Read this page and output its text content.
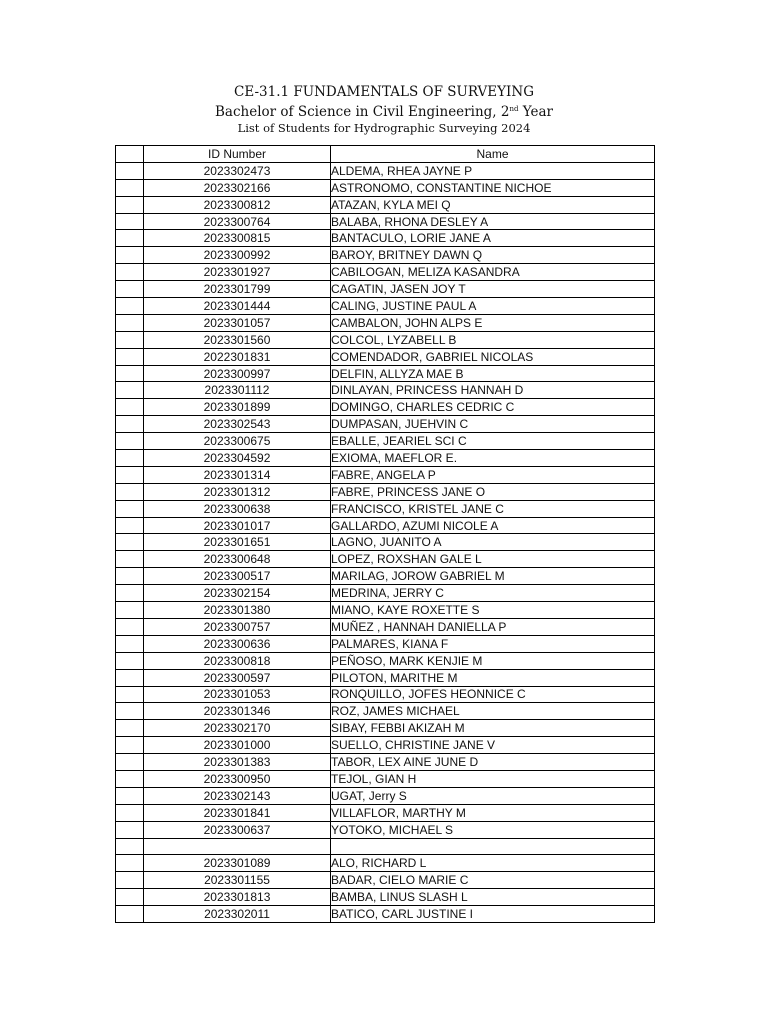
CE-31.1 FUNDAMENTALS OF SURVEYING
Bachelor of Science in Civil Engineering, 2nd Year
List of Students for Hydrographic Surveying 2024
	ID Number	Name
	2023302473	ALDEMA, RHEA JAYNE P
	2023302166	ASTRONOMO, CONSTANTINE NICHOE
	2023300812	ATAZAN, KYLA MEI Q
	2023300764	BALABA, RHONA DESLEY A
	2023300815	BANTACULO, LORIE JANE A
	2023300992	BAROY, BRITNEY DAWN Q
	2023301927	CABILOGAN, MELIZA KASANDRA
	2023301799	CAGATIN, JASEN JOY T
	2023301444	CALING, JUSTINE PAUL A
	2023301057	CAMBALON, JOHN ALPS E
	2023301560	COLCOL, LYZABELL B
	2022301831	COMENDADOR, GABRIEL NICOLAS
	2023300997	DELFIN, ALLYZA MAE B
	2023301112	DINLAYAN, PRINCESS HANNAH D
	2023301899	DOMINGO, CHARLES CEDRIC C
	2023302543	DUMPASAN, JUEHVIN C
	2023300675	EBALLE, JEARIEL SCI C
	2023304592	EXIOMA, MAEFLOR E.
	2023301314	FABRE, ANGELA P
	2023301312	FABRE, PRINCESS JANE O
	2023300638	FRANCISCO, KRISTEL JANE C
	2023301017	GALLARDO, AZUMI NICOLE A
	2023301651	LAGNO, JUANITO A
	2023300648	LOPEZ, ROXSHAN GALE L
	2023300517	MARILAG, JOROW GABRIEL M
	2023302154	MEDRINA, JERRY C
	2023301380	MIANO, KAYE ROXETTE S
	2023300757	MUÑEZ , HANNAH DANIELLA P
	2023300636	PALMARES, KIANA F
	2023300818	PEÑOSO, MARK KENJIE M
	2023300597	PILOTON, MARITHE M
	2023301053	RONQUILLO, JOFES HEONNICE C
	2023301346	ROZ, JAMES MICHAEL
	2023302170	SIBAY, FEBBI AKIZAH M
	2023301000	SUELLO, CHRISTINE JANE V
	2023301383	TABOR, LEX AINE JUNE D
	2023300950	TEJOL, GIAN H
	2023302143	UGAT, Jerry S
	2023301841	VILLAFLOR, MARTHY M
	2023300637	YOTOKO, MICHAEL S

	2023301089	ALO, RICHARD L
	2023301155	BADAR, CIELO MARIE C
	2023301813	BAMBA, LINUS SLASH L
	2023302011	BATICO, CARL JUSTINE I
